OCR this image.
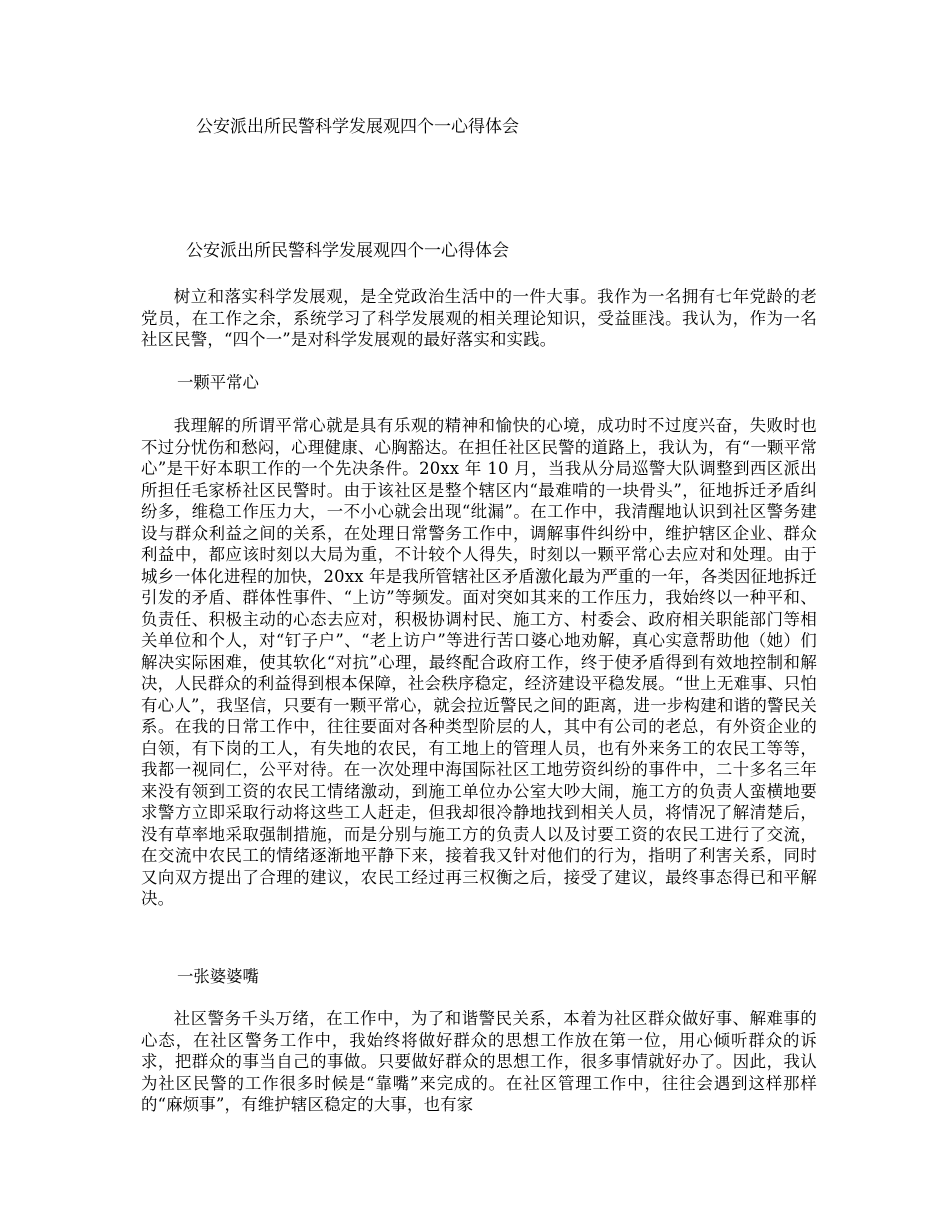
公安派出所民警科学发展观四个一心得体会
公安派出所民警科学发展观四个一心得体会

树立和落实科学发展观，是全党政治生活中的一件大事。我作为一名拥有七年党龄的老党员，在工作之余，系统学习了科学发展观的相关理论知识，受益匪浅。我认为，作为一名社区民警，“四个一”是对科学发展观的最好落实和实践。

一颗平常心

我理解的所谓平常心就是具有乐观的精神和愉快的心境，成功时不过度兴奋，失败时也不过分忧伤和愁闷，心理健康、心胸豁达。在担任社区民警的道路上，我认为，有“一颗平常心”是干好本职工作的一个先决条件。20xx 年 10 月，当我从分局巡警大队调整到西区派出所担任毛家桥社区民警时。由于该社区是整个辖区内“最难啃的一块骨头”，征地拆迁矛盾纠纷多，维稳工作压力大，一不小心就会出现“纰漏”。在工作中，我清醒地认识到社区警务建设与群众利益之间的关系，在处理日常警务工作中，调解事件纠纷中，维护辖区企业、群众利益中，都应该时刻以大局为重，不计较个人得失，时刻以一颗平常心去应对和处理。由于城乡一体化进程的加快，20xx 年是我所管辖社区矛盾激化最为严重的一年，各类因征地拆迁引发的矛盾、群体性事件、“上访”等频发。面对突如其来的工作压力，我始终以一种平和、负责任、积极主动的心态去应对，积极协调村民、施工方、村委会、政府相关职能部门等相关单位和个人，对“钉子户”、“老上访户”等进行苦口婆心地劝解，真心实意帮助他（她）们解决实际困难，使其软化“对抗”心理，最终配合政府工作，终于使矛盾得到有效地控制和解决，人民群众的利益得到根本保障，社会秩序稳定，经济建设平稳发展。“世上无难事、只怕有心人”，我坚信，只要有一颗平常心，就会拉近警民之间的距离，进一步构建和谐的警民关系。在我的日常工作中，往往要面对各种类型阶层的人，其中有公司的老总，有外资企业的白领，有下岗的工人，有失地的农民，有工地上的管理人员，也有外来务工的农民工等等，我都一视同仁，公平对待。在一次处理中海国际社区工地劳资纠纷的事件中，二十多名三年来没有领到工资的农民工情绪激动，到施工单位办公室大吵大闹，施工方的负责人蛮横地要求警方立即采取行动将这些工人赶走，但我却很冷静地找到相关人员，将情况了解清楚后，没有草率地采取强制措施，而是分别与施工方的负责人以及讨要工资的农民工进行了交流，在交流中农民工的情绪逐渐地平静下来，接着我又针对他们的行为，指明了利害关系，同时又向双方提出了合理的建议，农民工经过再三权衡之后，接受了建议，最终事态得已和平解决。

一张婆婆嘴

社区警务千头万绪，在工作中，为了和谐警民关系，本着为社区群众做好事、解难事的心态，在社区警务工作中，我始终将做好群众的思想工作放在第一位，用心倾听群众的诉求，把群众的事当自己的事做。只要做好群众的思想工作，很多事情就好办了。因此，我认为社区民警的工作很多时候是“靠嘴”来完成的。在社区管理工作中，往往会遇到这样那样的“麻烦事”，有维护辖区稳定的大事，也有家
